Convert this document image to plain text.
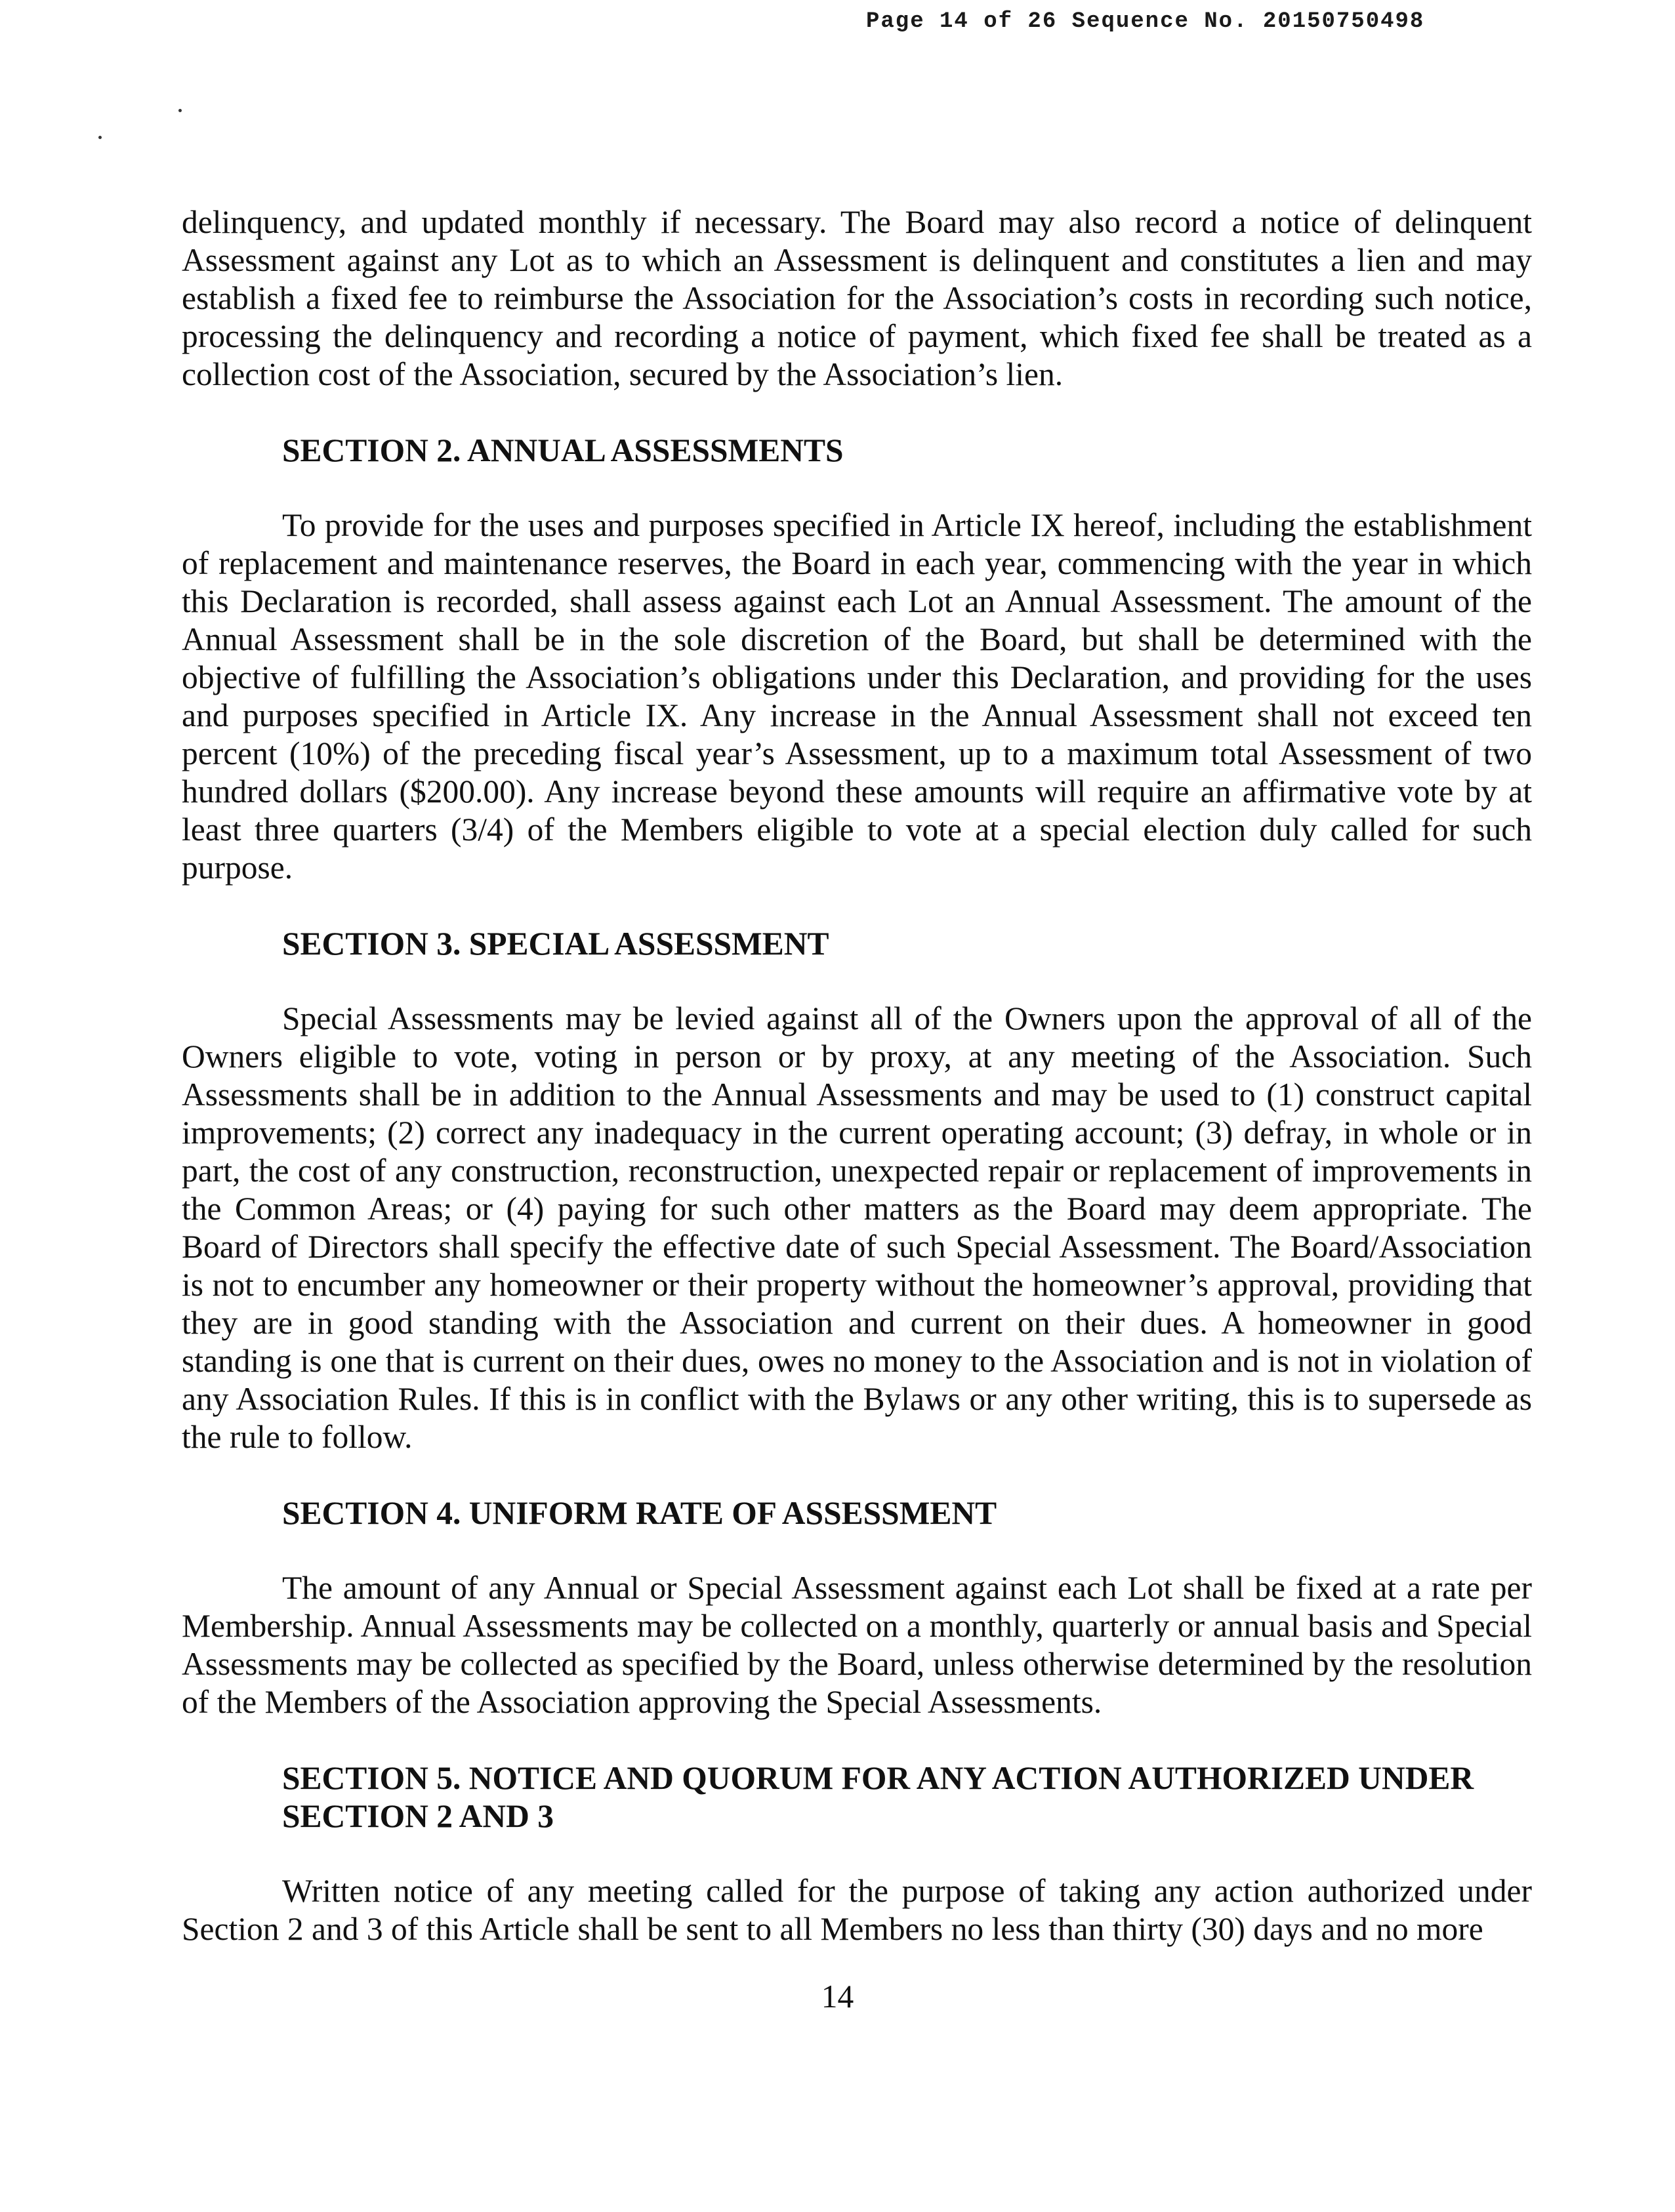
Page 14 of 26 Sequence No. 20150750498

delinquency, and updated monthly if necessary. The Board may also record a notice of delinquent Assessment against any Lot as to which an Assessment is delinquent and constitutes a lien and may establish a fixed fee to reimburse the Association for the Association’s costs in recording such notice, processing the delinquency and recording a notice of payment, which fixed fee shall be treated as a collection cost of the Association, secured by the Association’s lien.

SECTION 2. ANNUAL ASSESSMENTS

To provide for the uses and purposes specified in Article IX hereof, including the establishment of replacement and maintenance reserves, the Board in each year, commencing with the year in which this Declaration is recorded, shall assess against each Lot an Annual Assessment. The amount of the Annual Assessment shall be in the sole discretion of the Board, but shall be determined with the objective of fulfilling the Association’s obligations under this Declaration, and providing for the uses and purposes specified in Article IX. Any increase in the Annual Assessment shall not exceed ten percent (10%) of the preceding fiscal year’s Assessment, up to a maximum total Assessment of two hundred dollars ($200.00). Any increase beyond these amounts will require an affirmative vote by at least three quarters (3/4) of the Members eligible to vote at a special election duly called for such purpose.

SECTION 3. SPECIAL ASSESSMENT

Special Assessments may be levied against all of the Owners upon the approval of all of the Owners eligible to vote, voting in person or by proxy, at any meeting of the Association. Such Assessments shall be in addition to the Annual Assessments and may be used to (1) construct capital improvements; (2) correct any inadequacy in the current operating account; (3) defray, in whole or in part, the cost of any construction, reconstruction, unexpected repair or replacement of improvements in the Common Areas; or (4) paying for such other matters as the Board may deem appropriate. The Board of Directors shall specify the effective date of such Special Assessment. The Board/Association is not to encumber any homeowner or their property without the homeowner’s approval, providing that they are in good standing with the Association and current on their dues. A homeowner in good standing is one that is current on their dues, owes no money to the Association and is not in violation of any Association Rules. If this is in conflict with the Bylaws or any other writing, this is to supersede as the rule to follow.

SECTION 4. UNIFORM RATE OF ASSESSMENT

The amount of any Annual or Special Assessment against each Lot shall be fixed at a rate per Membership. Annual Assessments may be collected on a monthly, quarterly or annual basis and Special Assessments may be collected as specified by the Board, unless otherwise determined by the resolution of the Members of the Association approving the Special Assessments.

SECTION 5. NOTICE AND QUORUM FOR ANY ACTION AUTHORIZED UNDER SECTION 2 AND 3

Written notice of any meeting called for the purpose of taking any action authorized under Section 2 and 3 of this Article shall be sent to all Members no less than thirty (30) days and no more

14
